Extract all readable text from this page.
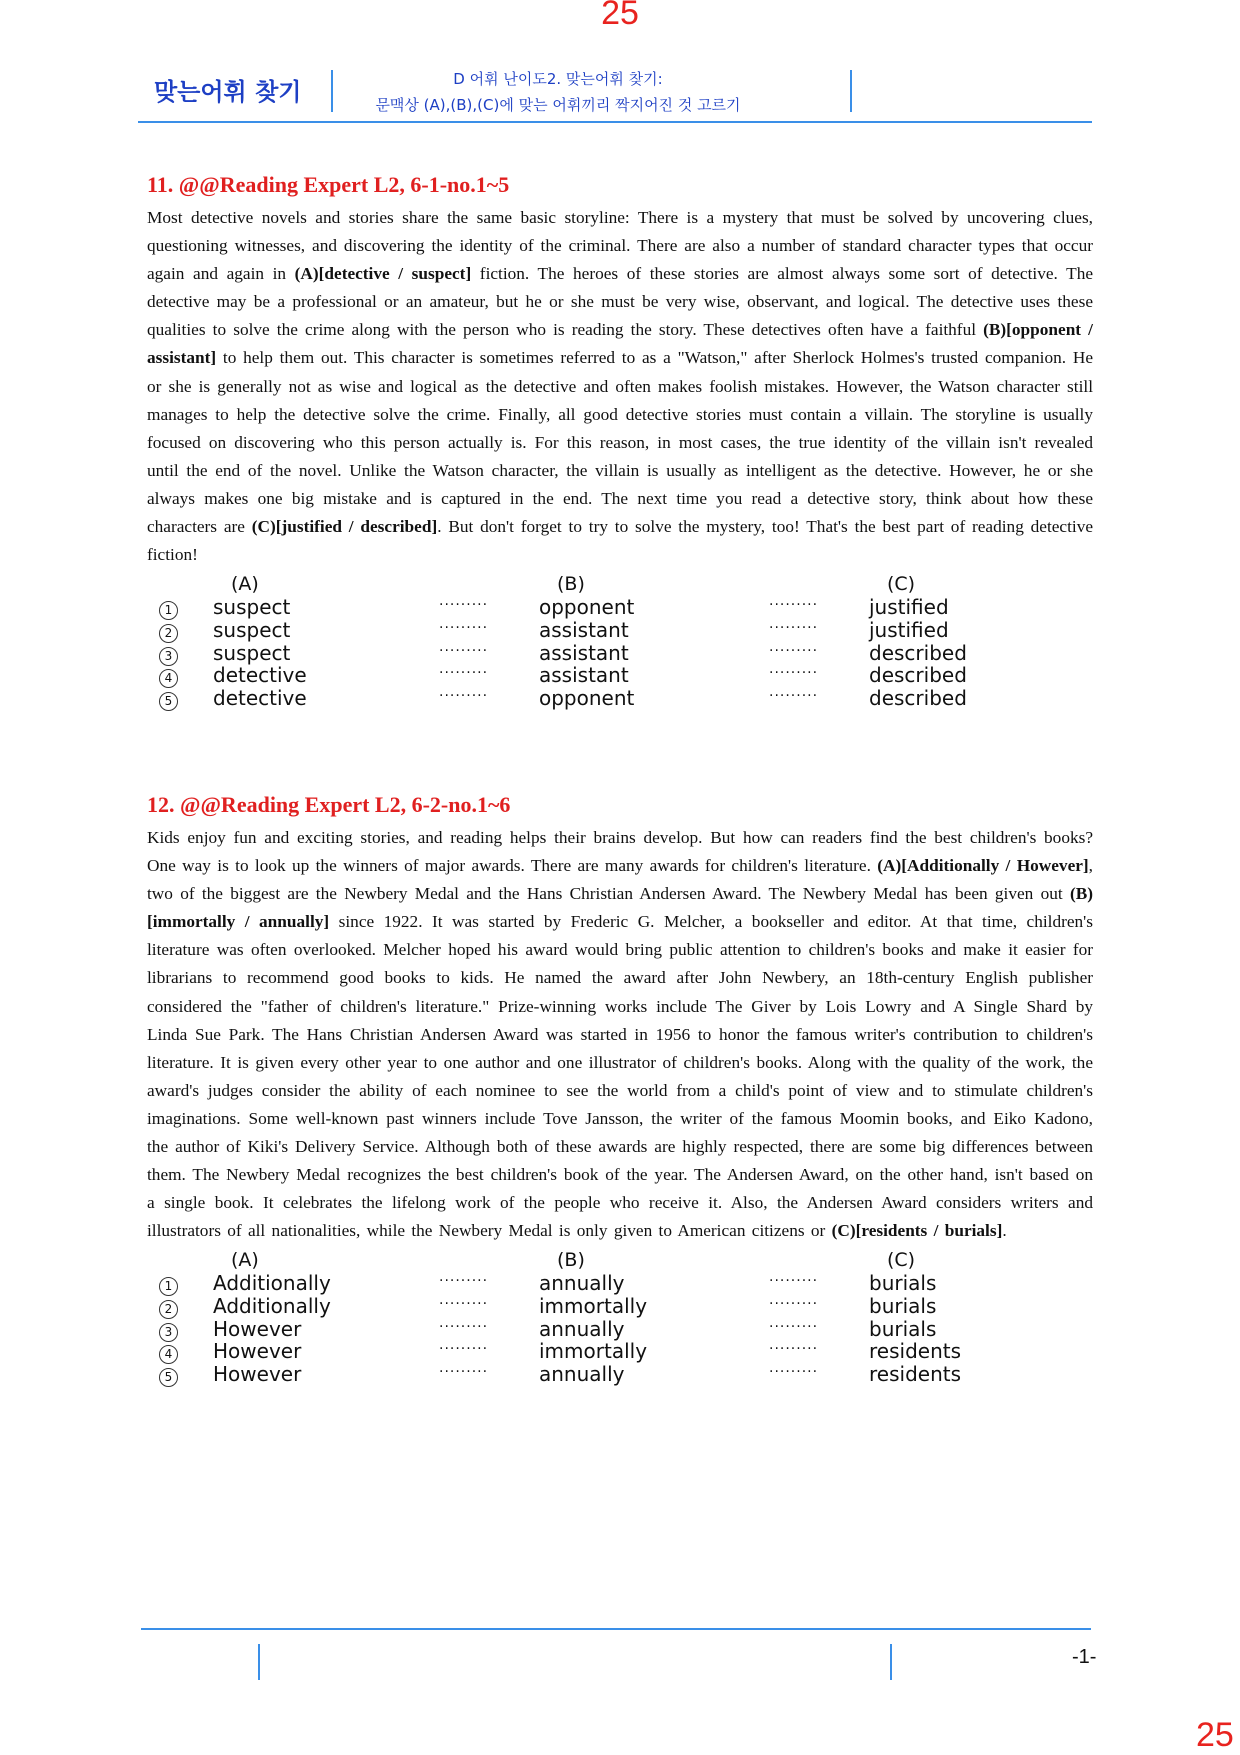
25
맞는어휘 찾기	D 어휘 난이도2. 맞는어휘 찾기:
문맥상 (A),(B),(C)에 맞는 어휘끼리 짝지어진 것 고르기
11. @@Reading Expert L2, 6-1-no.1~5

Most detective novels and stories share the same basic storyline: There is a mystery that must be solved by uncovering clues, questioning witnesses, and discovering the identity of the criminal. There are also a number of standard character types that occur again and again in (A)[detective / suspect] fiction. The heroes of these stories are almost always some sort of detective. The detective may be a professional or an amateur, but he or she must be very wise, observant, and logical. The detective uses these qualities to solve the crime along with the person who is reading the story. These detectives often have a faithful (B)[opponent / assistant] to help them out. This character is sometimes referred to as a "Watson," after Sherlock Holmes's trusted companion. He or she is generally not as wise and logical as the detective and often makes foolish mistakes. However, the Watson character still manages to help the detective solve the crime. Finally, all good detective stories must contain a villain. The storyline is usually focused on discovering who this person actually is. For this reason, in most cases, the true identity of the villain isn't revealed until the end of the novel. Unlike the Watson character, the villain is usually as intelligent as the detective. However, he or she always makes one big mistake and is captured in the end. The next time you read a detective story, think about how these characters are (C)[justified / described]. But don't forget to try to solve the mystery, too! That's the best part of reading detective fiction!

(A)	(B)	(C)
1 suspect	·········	opponent	·········	justified
2 suspect	·········	assistant	·········	justified
3 suspect	·········	assistant	·········	described
4 detective	·········	assistant	·········	described
5 detective	·········	opponent	·········	described
12. @@Reading Expert L2, 6-2-no.1~6

Kids enjoy fun and exciting stories, and reading helps their brains develop. But how can readers find the best children's books? One way is to look up the winners of major awards. There are many awards for children's literature. (A)[Additionally / However], two of the biggest are the Newbery Medal and the Hans Christian Andersen Award. The Newbery Medal has been given out (B)[immortally / annually] since 1922. It was started by Frederic G. Melcher, a bookseller and editor. At that time, children's literature was often overlooked. Melcher hoped his award would bring public attention to children's books and make it easier for librarians to recommend good books to kids. He named the award after John Newbery, an 18th-century English publisher considered the "father of children's literature." Prize-winning works include The Giver by Lois Lowry and A Single Shard by Linda Sue Park. The Hans Christian Andersen Award was started in 1956 to honor the famous writer's contribution to children's literature. It is given every other year to one author and one illustrator of children's books. Along with the quality of the work, the award's judges consider the ability of each nominee to see the world from a child's point of view and to stimulate children's imaginations. Some well-known past winners include Tove Jansson, the writer of the famous Moomin books, and Eiko Kadono, the author of Kiki's Delivery Service. Although both of these awards are highly respected, there are some big differences between them. The Newbery Medal recognizes the best children's book of the year. The Andersen Award, on the other hand, isn't based on a single book. It celebrates the lifelong work of the people who receive it. Also, the Andersen Award considers writers and illustrators of all nationalities, while the Newbery Medal is only given to American citizens or (C)[residents / burials].

(A)	(B)	(C)
1 Additionally	·········	annually	·········	burials
2 Additionally	·········	immortally	·········	burials
3 However	·········	annually	·········	burials
4 However	·········	immortally	·········	residents
5 However	·········	annually	·········	residents
-1-
25
